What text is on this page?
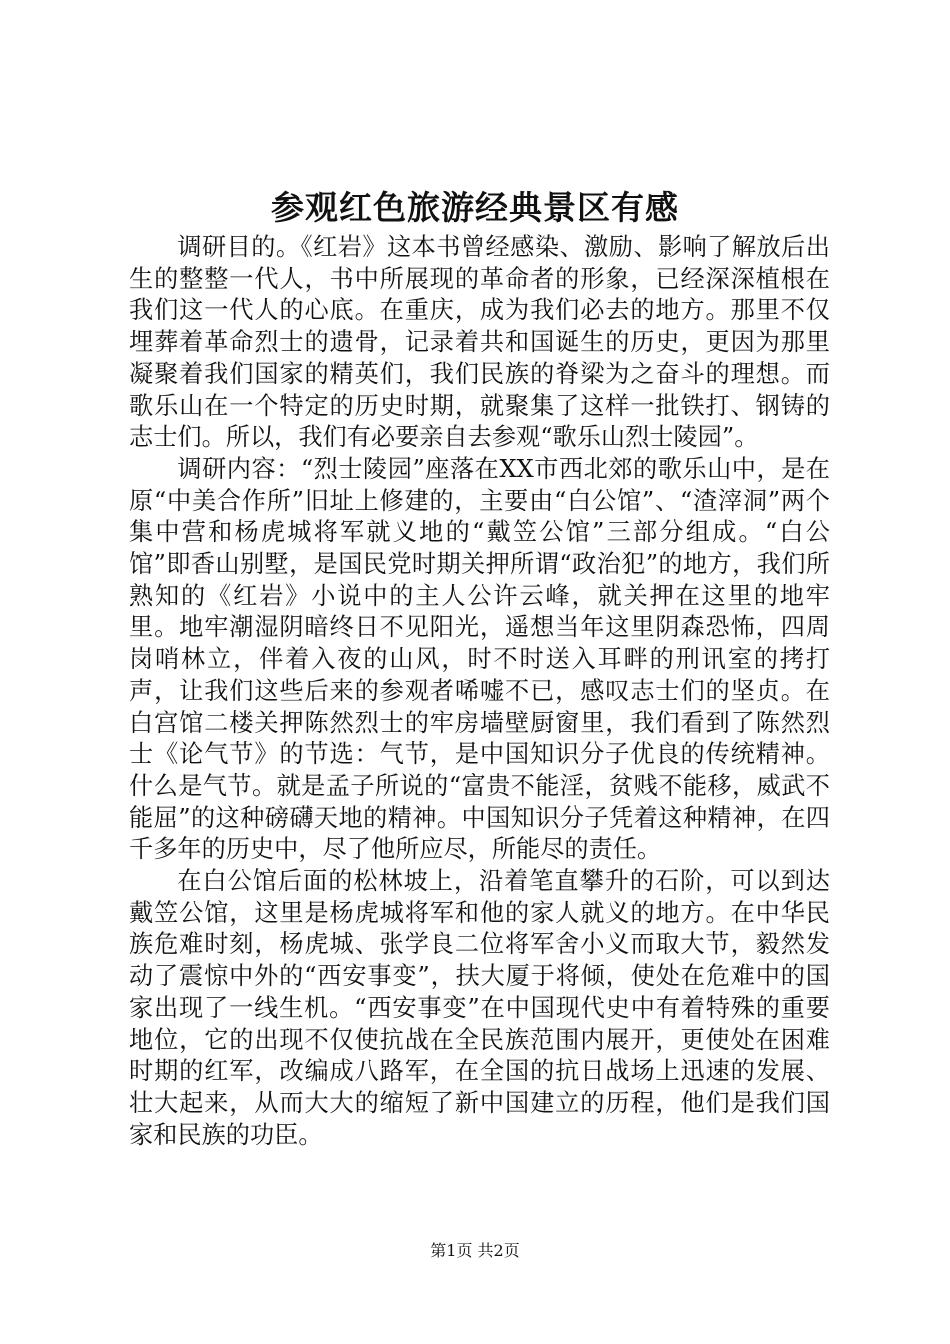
参观红色旅游经典景区有感

调研目的。《红岩》这本书曾经感染、激励、影响了解放后出生的整整一代人，书中所展现的革命者的形象，已经深深植根在我们这一代人的心底。在重庆，成为我们必去的地方。那里不仅埋葬着革命烈士的遗骨，记录着共和国诞生的历史，更因为那里凝聚着我们国家的精英们，我们民族的脊梁为之奋斗的理想。而歌乐山在一个特定的历史时期，就聚集了这样一批铁打、钢铸的志士们。所以，我们有必要亲自去参观“歌乐山烈士陵园”。

调研内容：“烈士陵园”座落在XX市西北郊的歌乐山中，是在原“中美合作所”旧址上修建的，主要由“白公馆”、“渣滓洞”两个集中营和杨虎城将军就义地的“戴笠公馆”三部分组成。“白公馆”即香山别墅，是国民党时期关押所谓“政治犯”的地方，我们所熟知的《红岩》小说中的主人公许云峰，就关押在这里的地牢里。地牢潮湿阴暗终日不见阳光，遥想当年这里阴森恐怖，四周岗哨林立，伴着入夜的山风，时不时送入耳畔的刑讯室的拷打声，让我们这些后来的参观者唏嘘不已，感叹志士们的坚贞。在白宫馆二楼关押陈然烈士的牢房墙壁厨窗里，我们看到了陈然烈士《论气节》的节选：气节，是中国知识分子优良的传统精神。什么是气节。就是孟子所说的“富贵不能淫，贫贱不能移，威武不能屈”的这种磅礴天地的精神。中国知识分子凭着这种精神，在四千多年的历史中，尽了他所应尽，所能尽的责任。

在白公馆后面的松林坡上，沿着笔直攀升的石阶，可以到达戴笠公馆，这里是杨虎城将军和他的家人就义的地方。在中华民族危难时刻，杨虎城、张学良二位将军舍小义而取大节，毅然发动了震惊中外的“西安事变”，扶大厦于将倾，使处在危难中的国家出现了一线生机。“西安事变”在中国现代史中有着特殊的重要地位，它的出现不仅使抗战在全民族范围内展开，更使处在困难时期的红军，改编成八路军，在全国的抗日战场上迅速的发展、壮大起来，从而大大的缩短了新中国建立的历程，他们是我们国家和民族的功臣。

第1页 共2页
